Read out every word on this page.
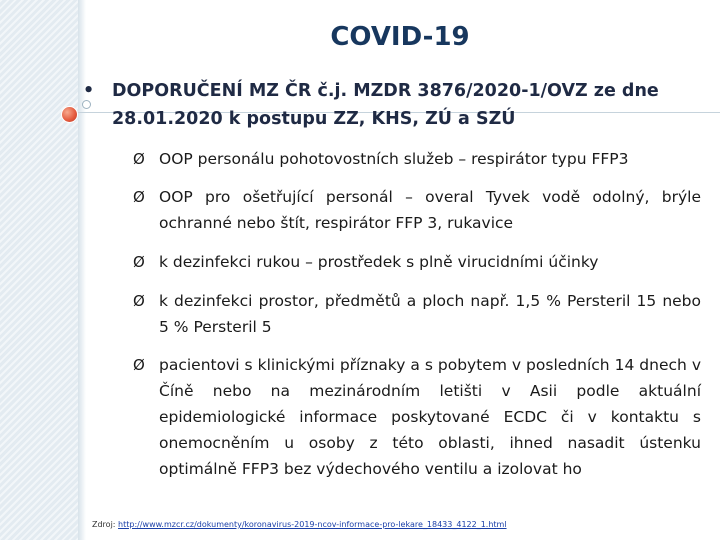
COVID-19
•	DOPORUČENÍ MZ ČR č.j. MZDR 3876/2020-1/OVZ ze dne 28.01.2020 k postupu ZZ, KHS, ZÚ a SZÚ
Ø OOP personálu pohotovostních služeb – respirátor typu FFP3
Ø OOP pro ošetřující personál – overal Tyvek vodě odolný, brýle ochranné nebo štít, respirátor FFP 3, rukavice
Ø k dezinfekci rukou – prostředek s plně virucidními účinky
Ø k dezinfekci prostor, předmětů a ploch např. 1,5 % Persteril 15 nebo 5 % Persteril 5
Ø pacientovi s klinickými příznaky a s pobytem v posledních 14 dnech v Číně nebo na mezinárodním letišti v Asii podle aktuální epidemiologické informace poskytované ECDC či v kontaktu s onemocněním u osoby z této oblasti, ihned nasadit ústenku optimálně FFP3 bez výdechového ventilu a izolovat ho
Zdroj: http://www.mzcr.cz/dokumenty/koronavirus-2019-ncov-informace-pro-lekare_18433_4122_1.html
